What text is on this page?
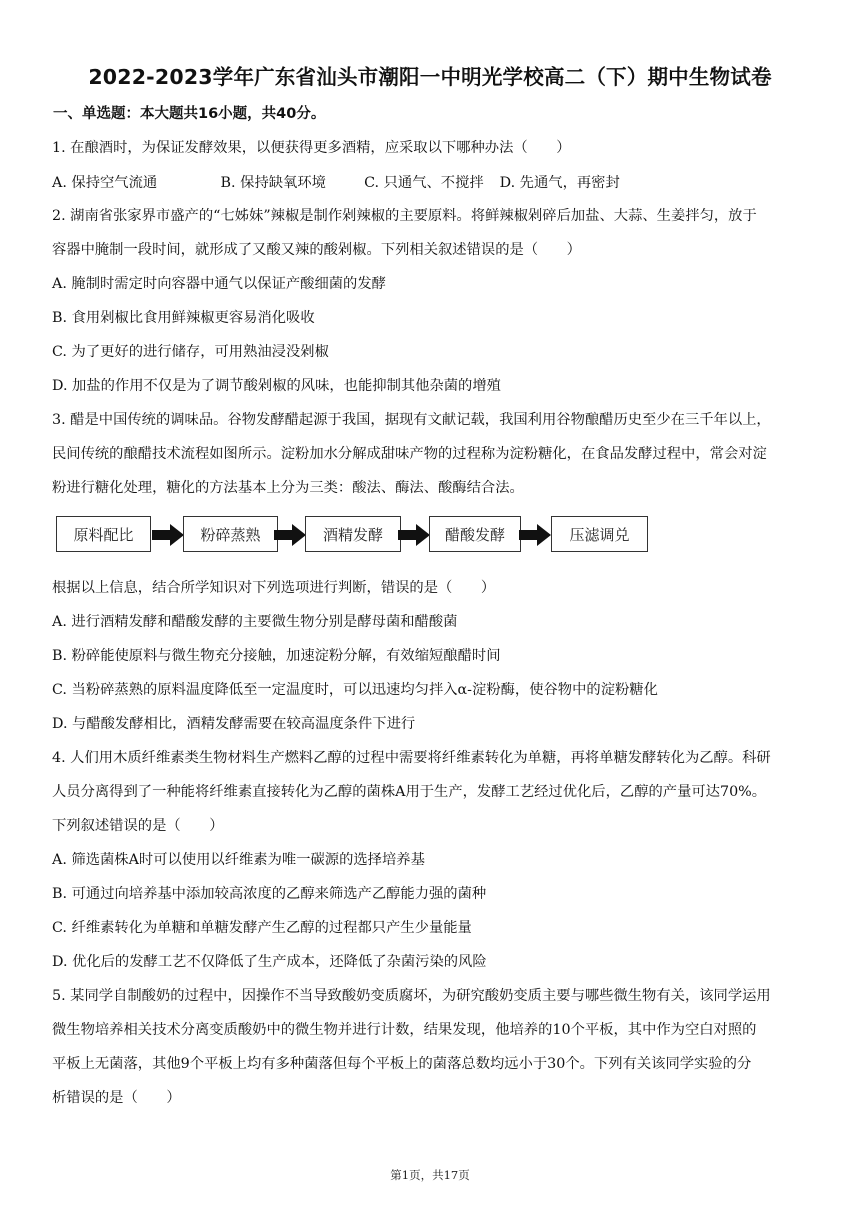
2022-2023学年广东省汕头市潮阳一中明光学校高二（下）期中生物试卷
一、单选题：本大题共16小题，共40分。
1. 在酿酒时，为保证发酵效果，以便获得更多酒精，应采取以下哪种办法（　　）
A. 保持空气流通	B. 保持缺氧环境	C. 只通气、不搅拌 D. 先通气，再密封
2. 湖南省张家界市盛产的“七姊妹”辣椒是制作剁辣椒的主要原料。将鲜辣椒剁碎后加盐、大蒜、生姜拌匀，放于
容器中腌制一段时间，就形成了又酸又辣的酸剁椒。下列相关叙述错误的是（　　）
A. 腌制时需定时向容器中通气以保证产酸细菌的发酵
B. 食用剁椒比食用鲜辣椒更容易消化吸收
C. 为了更好的进行储存，可用熟油浸没剁椒
D. 加盐的作用不仅是为了调节酸剁椒的风味，也能抑制其他杂菌的增殖
3. 醋是中国传统的调味品。谷物发酵醋起源于我国，据现有文献记载，我国利用谷物酿醋历史至少在三千年以上，
民间传统的酿醋技术流程如图所示。淀粉加水分解成甜味产物的过程称为淀粉糖化，在食品发酵过程中，常会对淀
粉进行糖化处理，糖化的方法基本上分为三类：酸法、酶法、酸酶结合法。
原料配比	粉碎蒸熟	酒精发酵	醋酸发酵	压滤调兑
根据以上信息，结合所学知识对下列选项进行判断，错误的是（　　）
A. 进行酒精发酵和醋酸发酵的主要微生物分别是酵母菌和醋酸菌
B. 粉碎能使原料与微生物充分接触，加速淀粉分解，有效缩短酿醋时间
C. 当粉碎蒸熟的原料温度降低至一定温度时，可以迅速均匀拌入α-淀粉酶，使谷物中的淀粉糖化
D. 与醋酸发酵相比，酒精发酵需要在较高温度条件下进行
4. 人们用木质纤维素类生物材料生产燃料乙醇的过程中需要将纤维素转化为单糖，再将单糖发酵转化为乙醇。科研
人员分离得到了一种能将纤维素直接转化为乙醇的菌株A用于生产，发酵工艺经过优化后，乙醇的产量可达70%。
下列叙述错误的是（　　）
A. 筛选菌株A时可以使用以纤维素为唯一碳源的选择培养基
B. 可通过向培养基中添加较高浓度的乙醇来筛选产乙醇能力强的菌种
C. 纤维素转化为单糖和单糖发酵产生乙醇的过程都只产生少量能量
D. 优化后的发酵工艺不仅降低了生产成本，还降低了杂菌污染的风险
5. 某同学自制酸奶的过程中，因操作不当导致酸奶变质腐坏，为研究酸奶变质主要与哪些微生物有关，该同学运用
微生物培养相关技术分离变质酸奶中的微生物并进行计数，结果发现，他培养的10个平板，其中作为空白对照的
平板上无菌落，其他9个平板上均有多种菌落但每个平板上的菌落总数均远小于30个。下列有关该同学实验的分
析错误的是（　　）
第1页，共17页
